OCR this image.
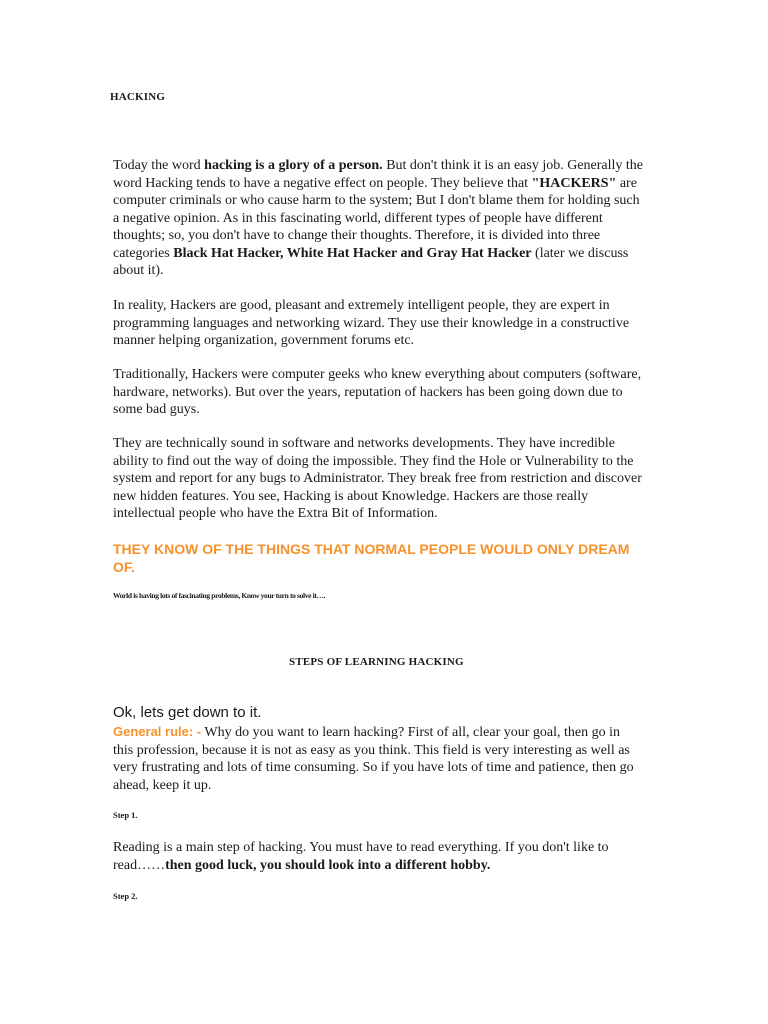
HACKING

Today the word hacking is a glory of a person. But don't think it is an easy job. Generally the word Hacking tends to have a negative effect on people. They believe that "HACKERS" are computer criminals or who cause harm to the system; But I don't blame them for holding such a negative opinion. As in this fascinating world, different types of people have different thoughts; so, you don't have to change their thoughts. Therefore, it is divided into three categories Black Hat Hacker, White Hat Hacker and Gray Hat Hacker (later we discuss about it).

In reality, Hackers are good, pleasant and extremely intelligent people, they are expert in programming languages and networking wizard. They use their knowledge in a constructive manner helping organization, government forums etc.

Traditionally, Hackers were computer geeks who knew everything about computers (software, hardware, networks). But over the years, reputation of hackers has been going down due to some bad guys.

They are technically sound in software and networks developments. They have incredible ability to find out the way of doing the impossible. They find the Hole or Vulnerability to the system and report for any bugs to Administrator. They break free from restriction and discover new hidden features. You see, Hacking is about Knowledge. Hackers are those really intellectual people who have the Extra Bit of Information.

THEY KNOW OF THE THINGS THAT NORMAL PEOPLE WOULD ONLY DREAM OF.

World is having lots of fascinating problems, Know your turn to solve it….
STEPS OF LEARNING HACKING
Ok, lets get down to it.

General rule: - Why do you want to learn hacking? First of all, clear your goal, then go in this profession, because it is not as easy as you think. This field is very interesting as well as very frustrating and lots of time consuming. So if you have lots of time and patience, then go ahead, keep it up.

Step 1.

Reading is a main step of hacking. You must have to read everything. If you don't like to read……then good luck, you should look into a different hobby.

Step 2.
